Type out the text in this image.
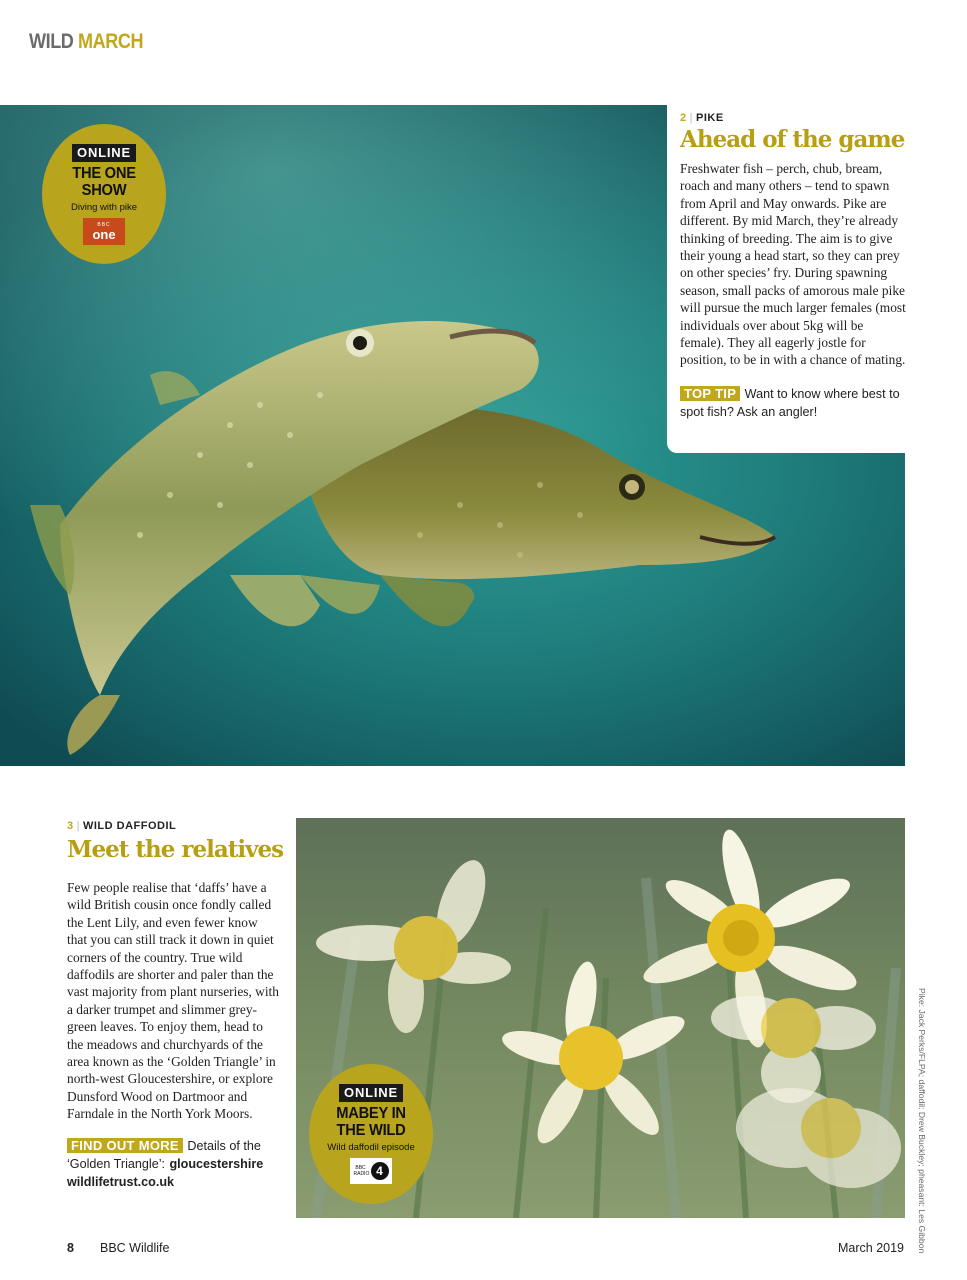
WILD MARCH
2 | PIKE
Ahead of the game
Freshwater fish – perch, chub, bream, roach and many others – tend to spawn from April and May onwards. Pike are different. By mid March, they’re already thinking of breeding. The aim is to give their young a head start, so they can prey on other species’ fry. During spawning season, small packs of amorous male pike will pursue the much larger females (most individuals over about 5kg will be female). They all eagerly jostle for position, to be in with a chance of mating.
TOP TIP Want to know where best to spot fish? Ask an angler!
ONLINE
THE ONE
SHOW
Diving with pike
BBC
one
3 | WILD DAFFODIL
Meet the relatives
Few people realise that ‘daffs’ have a wild British cousin once fondly called the Lent Lily, and even fewer know that you can still track it down in quiet corners of the country. True wild daffodils are shorter and paler than the vast majority from plant nurseries, with a darker trumpet and slimmer grey-green leaves. To enjoy them, head to the meadows and churchyards of the area known as the ‘Golden Triangle’ in north-west Gloucestershire, or explore Dunsford Wood on Dartmoor and Farndale in the North York Moors.
FIND OUT MORE Details of the ‘Golden Triangle’: gloucestershire wildlifetrust.co.uk
ONLINE
MABEY IN
THE WILD
Wild daffodil episode
BBC RADIO 4	Pike: Jack Perks/FLPA; daffodil: Drew Buckley; pheasant: Les Gibbon
8 BBC Wildlife	March 2019
